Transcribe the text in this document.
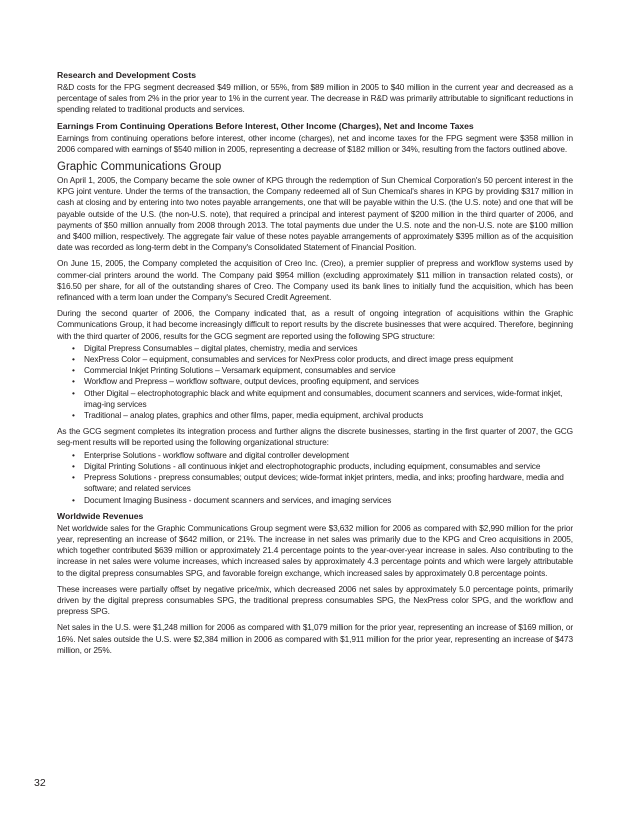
Research and Development Costs

R&D costs for the FPG segment decreased $49 million, or 55%, from $89 million in 2005 to $40 million in the current year and decreased as a percentage of sales from 2% in the prior year to 1% in the current year. The decrease in R&D was primarily attributable to significant reductions in spending related to traditional products and services.

Earnings From Continuing Operations Before Interest, Other Income (Charges), Net and Income Taxes

Earnings from continuing operations before interest, other income (charges), net and income taxes for the FPG segment were $358 million in 2006 compared with earnings of $540 million in 2005, representing a decrease of $182 million or 34%, resulting from the factors outlined above.

Graphic Communications Group

On April 1, 2005, the Company became the sole owner of KPG through the redemption of Sun Chemical Corporation's 50 percent interest in the KPG joint venture. Under the terms of the transaction, the Company redeemed all of Sun Chemical's shares in KPG by providing $317 million in cash at closing and by entering into two notes payable arrangements, one that will be payable within the U.S. (the U.S. note) and one that will be payable outside of the U.S. (the non-U.S. note), that required a principal and interest payment of $200 million in the third quarter of 2006, and payments of $50 million annually from 2008 through 2013. The total payments due under the U.S. note and the non-U.S. note are $100 million and $400 million, respectively. The aggregate fair value of these notes payable arrangements of approximately $395 million as of the acquisition date was recorded as long-term debt in the Company's Consolidated Statement of Financial Position.

On June 15, 2005, the Company completed the acquisition of Creo Inc. (Creo), a premier supplier of prepress and workflow systems used by commer-cial printers around the world. The Company paid $954 million (excluding approximately $11 million in transaction related costs), or $16.50 per share, for all of the outstanding shares of Creo. The Company used its bank lines to initially fund the acquisition, which has been refinanced with a term loan under the Company's Secured Credit Agreement.

During the second quarter of 2006, the Company indicated that, as a result of ongoing integration of acquisitions within the Graphic Communications Group, it had become increasingly difficult to report results by the discrete businesses that were acquired. Therefore, beginning with the third quarter of 2006, results for the GCG segment are reported using the following SPG structure:

• Digital Prepress Consumables – digital plates, chemistry, media and services
• NexPress Color – equipment, consumables and services for NexPress color products, and direct image press equipment
• Commercial Inkjet Printing Solutions – Versamark equipment, consumables and service
• Workflow and Prepress – workflow software, output devices, proofing equipment, and services
• Other Digital – electrophotographic black and white equipment and consumables, document scanners and services, wide-format inkjet, imag-ing services
• Traditional – analog plates, graphics and other films, paper, media equipment, archival products

As the GCG segment completes its integration process and further aligns the discrete businesses, starting in the first quarter of 2007, the GCG seg-ment results will be reported using the following organizational structure:

• Enterprise Solutions - workflow software and digital controller development
• Digital Printing Solutions - all continuous inkjet and electrophotographic products, including equipment, consumables and service
• Prepress Solutions - prepress consumables; output devices; wide-format inkjet printers, media, and inks; proofing hardware, media and software; and related services
• Document Imaging Business - document scanners and services, and imaging services
Worldwide Revenues

Net worldwide sales for the Graphic Communications Group segment were $3,632 million for 2006 as compared with $2,990 million for the prior year, representing an increase of $642 million, or 21%. The increase in net sales was primarily due to the KPG and Creo acquisitions in 2005, which together contributed $639 million or approximately 21.4 percentage points to the year-over-year increase in sales. Also contributing to the increase in net sales were volume increases, which increased sales by approximately 4.3 percentage points and which were largely attributable to the digital prepress consumables SPG, and favorable foreign exchange, which increased sales by approximately 0.8 percentage points.

These increases were partially offset by negative price/mix, which decreased 2006 net sales by approximately 5.0 percentage points, primarily driven by the digital prepress consumables SPG, the traditional prepress consumables SPG, the NexPress color SPG, and the workflow and prepress SPG.

Net sales in the U.S. were $1,248 million for 2006 as compared with $1,079 million for the prior year, representing an increase of $169 million, or 16%. Net sales outside the U.S. were $2,384 million in 2006 as compared with $1,911 million for the prior year, representing an increase of $473 million, or 25%.

32
